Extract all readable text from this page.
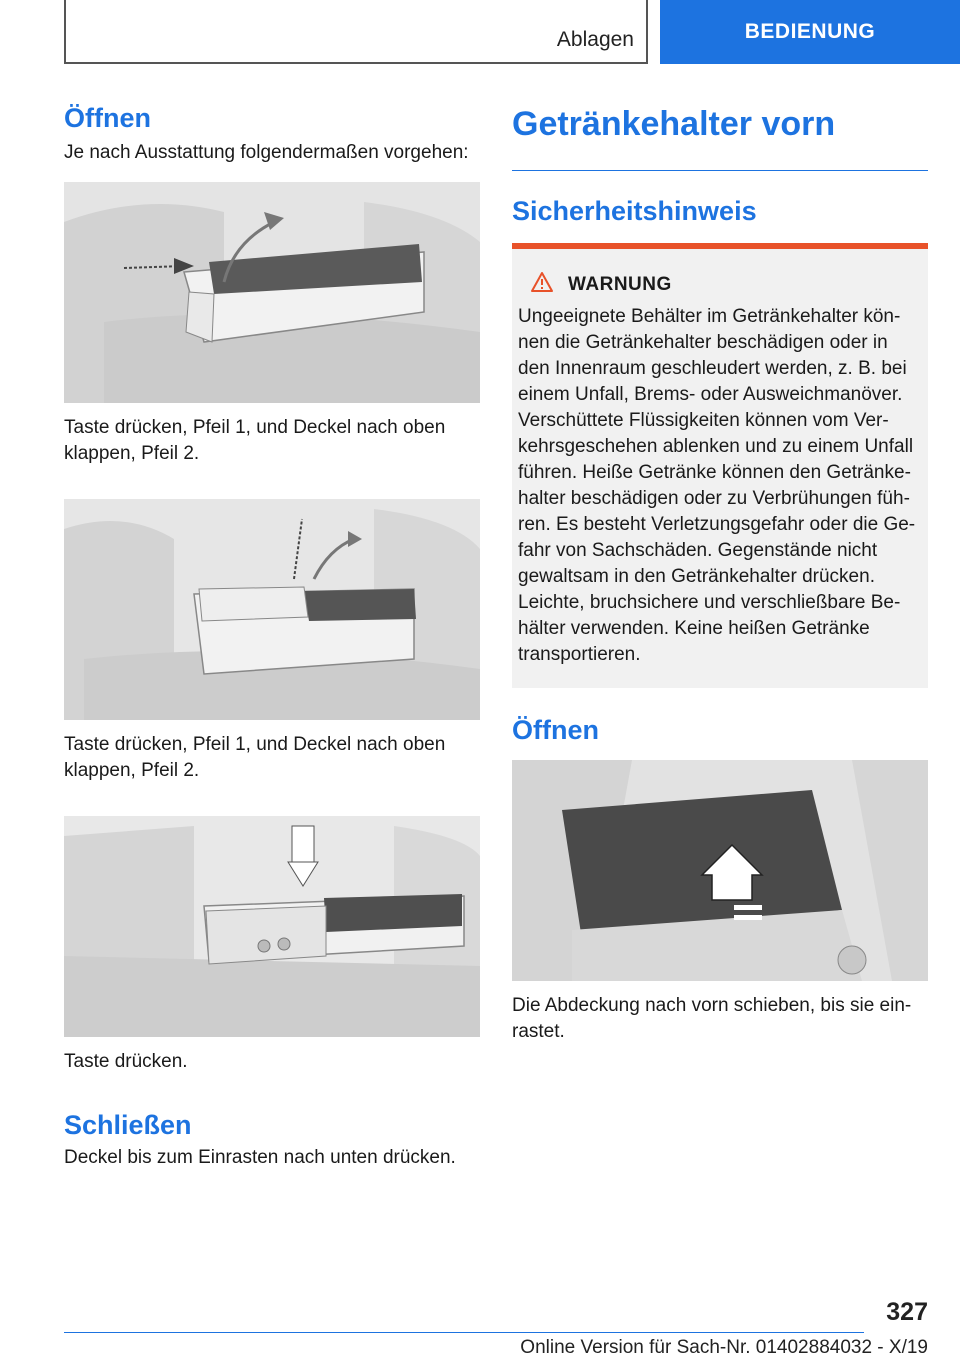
Ablagen	BEDIENUNG
Öffnen

Je nach Ausstattung folgendermaßen vorgehen:

Taste drücken, Pfeil 1, und Deckel nach oben klappen, Pfeil 2.

Taste drücken, Pfeil 1, und Deckel nach oben klappen, Pfeil 2.

Taste drücken.

Schließen

Deckel bis zum Einrasten nach unten drücken.

Getränkehalter vorn
Sicherheitshinweis
WARNUNG

Ungeeignete Behälter im Getränkehalter kön-nen die Getränkehalter beschädigen oder in den Innenraum geschleudert werden, z. B. bei einem Unfall, Brems- oder Ausweichmanöver. Verschüttete Flüssigkeiten können vom Ver-kehrsgeschehen ablenken und zu einem Unfall führen. Heiße Getränke können den Getränke-halter beschädigen oder zu Verbrühungen füh-ren. Es besteht Verletzungsgefahr oder die Ge-fahr von Sachschäden. Gegenstände nicht gewaltsam in den Getränkehalter drücken. Leichte, bruchsichere und verschließbare Be-hälter verwenden. Keine heißen Getränke transportieren.

Öffnen

Die Abdeckung nach vorn schieben, bis sie ein-rastet.

327
Online Version für Sach-Nr. 01402884032 - X/19
